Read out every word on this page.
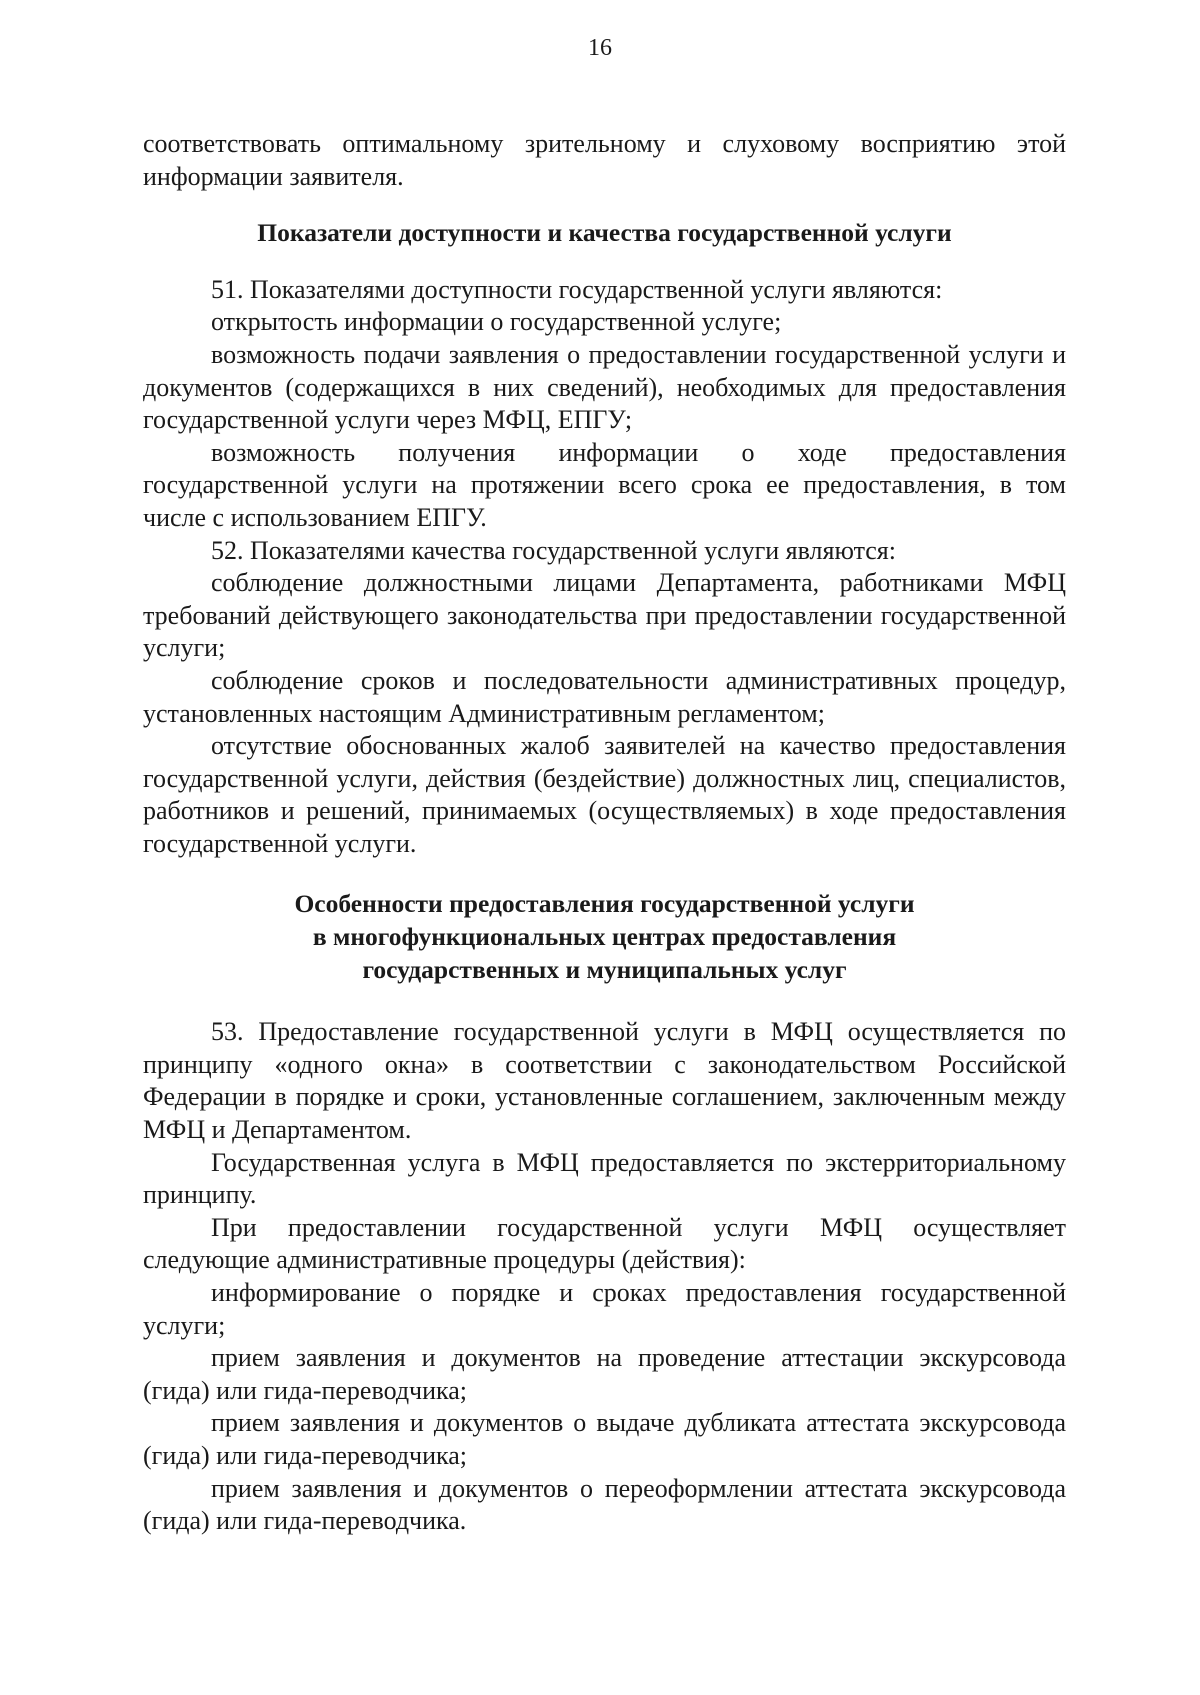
16

соответствовать оптимальному зрительному и слуховому восприятию этой информации заявителя.

Показатели доступности и качества государственной услуги

51. Показателями доступности государственной услуги являются:

открытость информации о государственной услуге;

возможность подачи заявления о предоставлении государственной услуги и документов (содержащихся в них сведений), необходимых для предоставления государственной услуги через МФЦ, ЕПГУ;

возможность получения информации о ходе предоставления государственной услуги на протяжении всего срока ее предоставления, в том числе с использованием ЕПГУ.

52. Показателями качества государственной услуги являются:

соблюдение должностными лицами Департамента, работниками МФЦ требований действующего законодательства при предоставлении государственной услуги;

соблюдение сроков и последовательности административных процедур, установленных настоящим Административным регламентом;

отсутствие обоснованных жалоб заявителей на качество предоставления государственной услуги, действия (бездействие) должностных лиц, специалистов, работников и решений, принимаемых (осуществляемых) в ходе предоставления государственной услуги.

Особенности предоставления государственной услуги
в многофункциональных центрах предоставления
государственных и муниципальных услуг

53. Предоставление государственной услуги в МФЦ осуществляется по принципу «одного окна» в соответствии с законодательством Российской Федерации в порядке и сроки, установленные соглашением, заключенным между МФЦ и Департаментом.

Государственная услуга в МФЦ предоставляется по экстерриториальному принципу.

При предоставлении государственной услуги МФЦ осуществляет следующие административные процедуры (действия):

информирование о порядке и сроках предоставления государственной услуги;

прием заявления и документов на проведение аттестации экскурсовода (гида) или гида-переводчика;

прием заявления и документов о выдаче дубликата аттестата экскурсовода (гида) или гида-переводчика;

прием заявления и документов о переоформлении аттестата экскурсовода (гида) или гида-переводчика.
